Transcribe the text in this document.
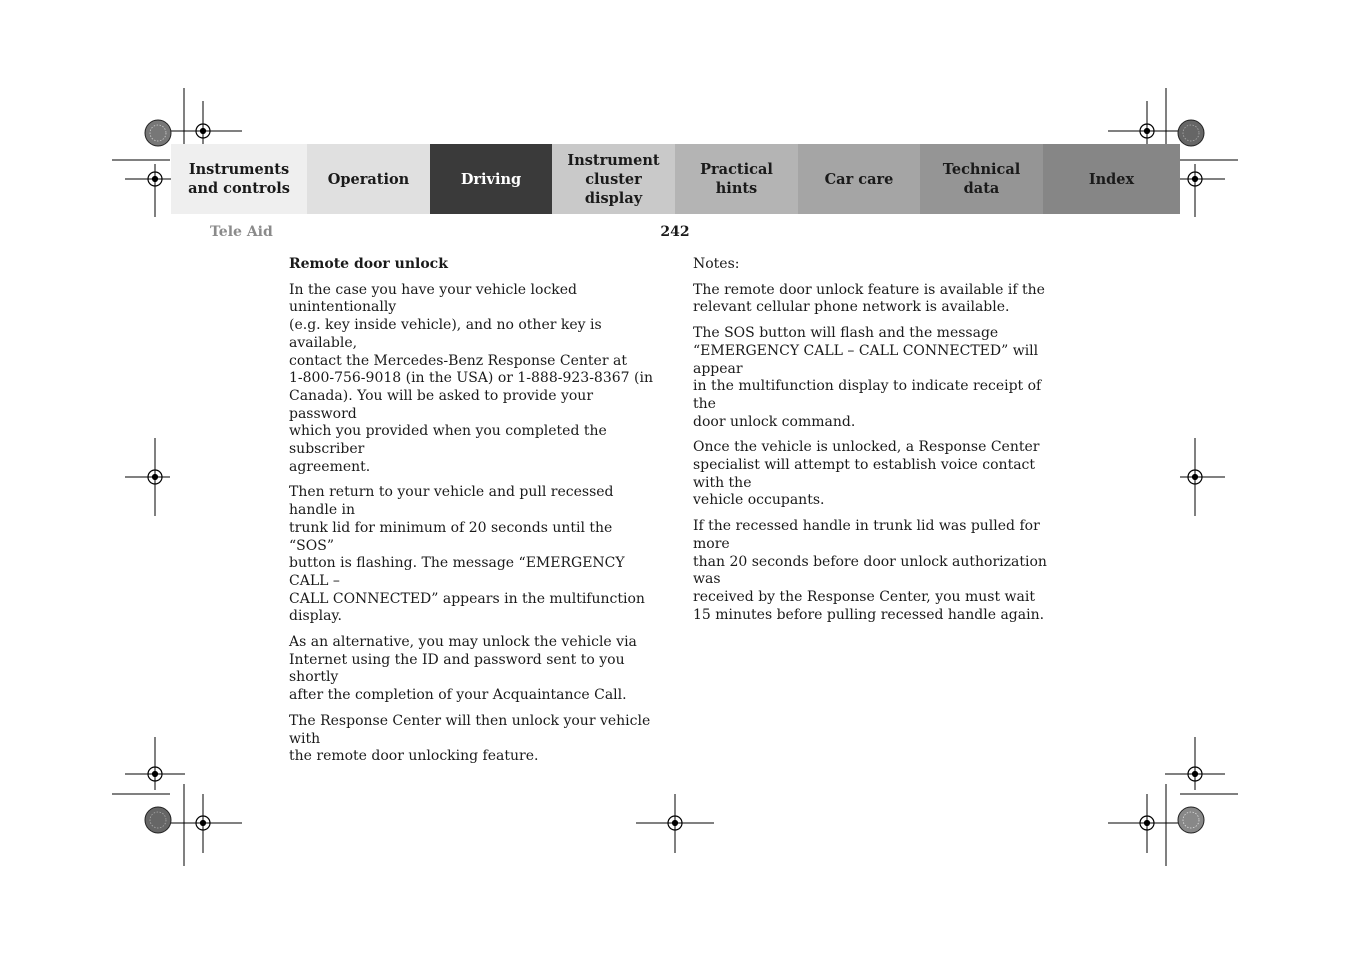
Instruments
and controls
Operation	Driving
Instrument
cluster display
Practical hints
Car care
Technical
data
Index
Tele Aid	242

Remote door unlock

In the case you have your vehicle locked unintentionally
(e.g. key inside vehicle), and no other key is available,
contact the Mercedes-Benz Response Center at
1-800-756-9018 (in the USA) or 1-888-923-8367 (in
Canada). You will be asked to provide your password
which you provided when you completed the subscriber
agreement.

Then return to your vehicle and pull recessed handle in
trunk lid for minimum of 20 seconds until the “SOS”
button is flashing. The message “EMERGENCY CALL –
CALL CONNECTED” appears in the multifunction
display.

As an alternative, you may unlock the vehicle via
Internet using the ID and password sent to you shortly
after the completion of your Acquaintance Call.

The Response Center will then unlock your vehicle with
the remote door unlocking feature.

Notes:

The remote door unlock feature is available if the
relevant cellular phone network is available.

The SOS button will flash and the message
“EMERGENCY CALL – CALL CONNECTED” will appear
in the multifunction display to indicate receipt of the
door unlock command.

Once the vehicle is unlocked, a Response Center
specialist will attempt to establish voice contact with the
vehicle occupants.

If the recessed handle in trunk lid was pulled for more
than 20 seconds before door unlock authorization was
received by the Response Center, you must wait
15 minutes before pulling recessed handle again.
